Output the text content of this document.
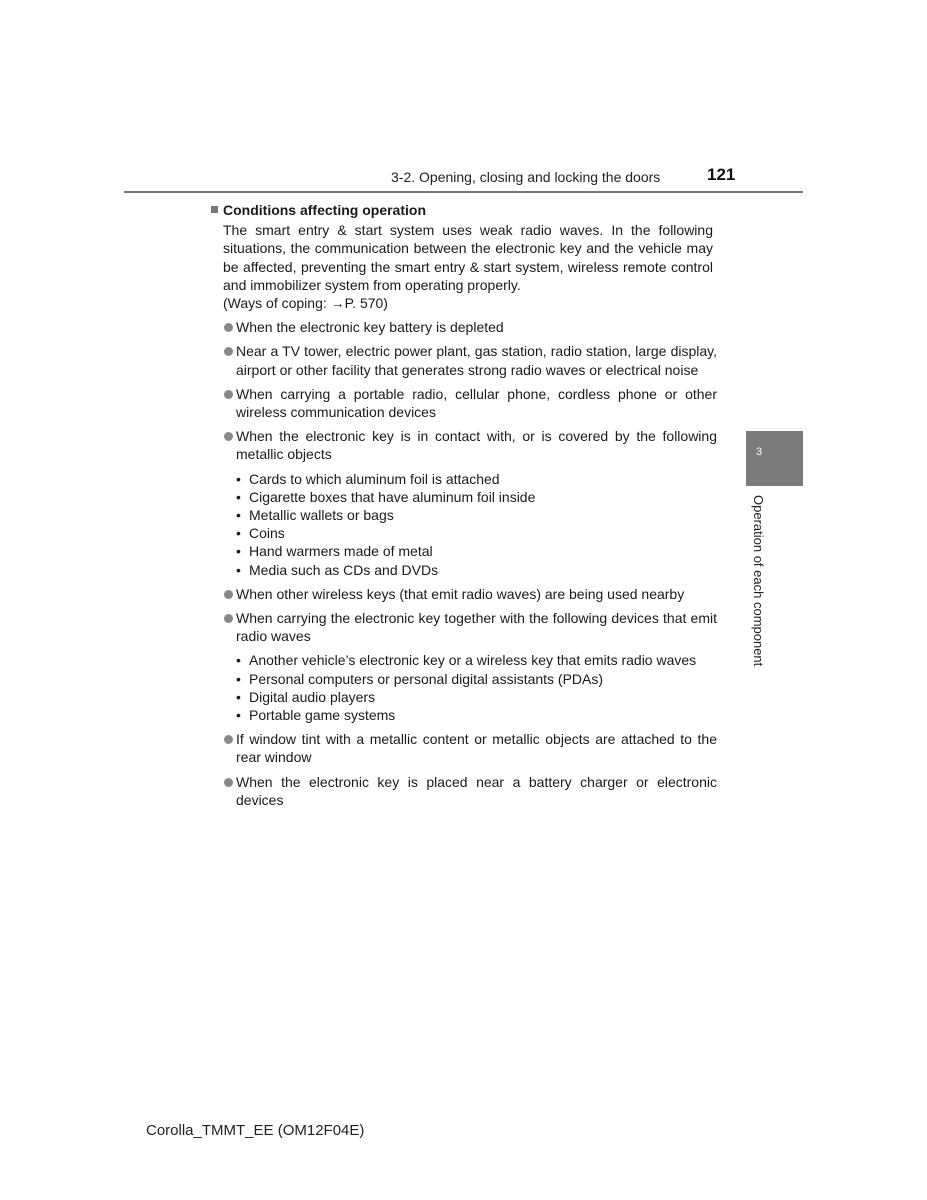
3-2. Opening, closing and locking the doors	121
3
Operation of each component

Conditions affecting operation

The smart entry & start system uses weak radio waves. In the following situations, the communication between the electronic key and the vehicle may be affected, preventing the smart entry & start system, wireless remote control and immobilizer system from operating properly.
(Ways of coping: →P. 570)

When the electronic key battery is depleted
Near a TV tower, electric power plant, gas station, radio station, large display, airport or other facility that generates strong radio waves or electrical noise
When carrying a portable radio, cellular phone, cordless phone or other wireless communication devices
When the electronic key is in contact with, or is covered by the following metallic objects
• Cards to which aluminum foil is attached
• Cigarette boxes that have aluminum foil inside
• Metallic wallets or bags
• Coins
• Hand warmers made of metal
• Media such as CDs and DVDs
When other wireless keys (that emit radio waves) are being used nearby
When carrying the electronic key together with the following devices that emit radio waves
• Another vehicle’s electronic key or a wireless key that emits radio waves
• Personal computers or personal digital assistants (PDAs)
• Digital audio players
• Portable game systems
If window tint with a metallic content or metallic objects are attached to the rear window
When the electronic key is placed near a battery charger or electronic devices
Corolla_TMMT_EE (OM12F04E)
